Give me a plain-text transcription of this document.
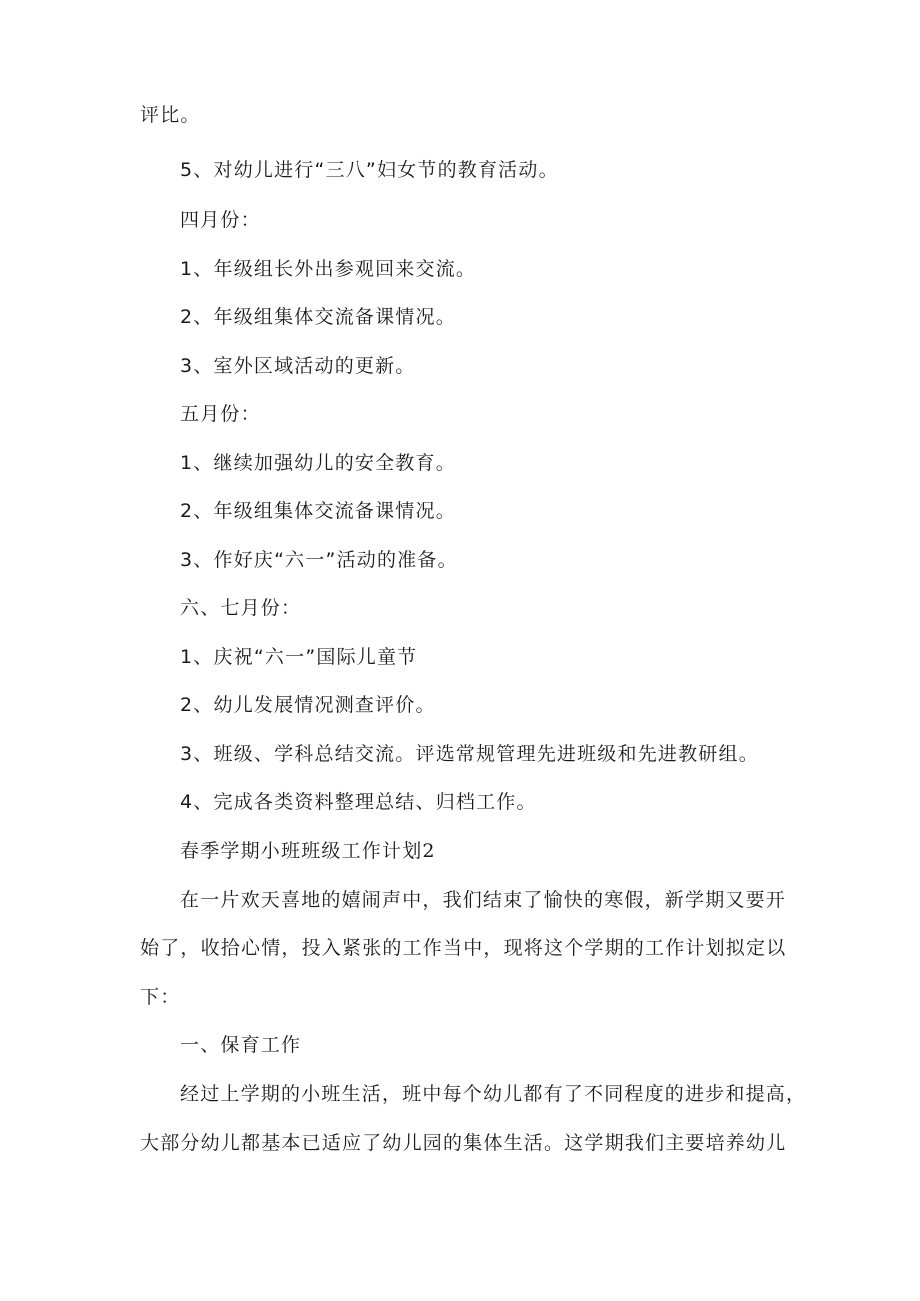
评比。
5、对幼儿进行“三八”妇女节的教育活动。
四月份：
1、年级组长外出参观回来交流。
2、年级组集体交流备课情况。
3、室外区域活动的更新。
五月份：
1、继续加强幼儿的安全教育。
2、年级组集体交流备课情况。
3、作好庆“六一”活动的准备。
六、七月份：
1、庆祝“六一”国际儿童节
2、幼儿发展情况测查评价。
3、班级、学科总结交流。评选常规管理先进班级和先进教研组。
4、完成各类资料整理总结、归档工作。
春季学期小班班级工作计划2
在一片欢天喜地的嬉闹声中，我们结束了愉快的寒假，新学期又要开
始了，收拾心情，投入紧张的工作当中，现将这个学期的工作计划拟定以
下：
一、保育工作
经过上学期的小班生活，班中每个幼儿都有了不同程度的进步和提高，
大部分幼儿都基本已适应了幼儿园的集体生活。这学期我们主要培养幼儿
